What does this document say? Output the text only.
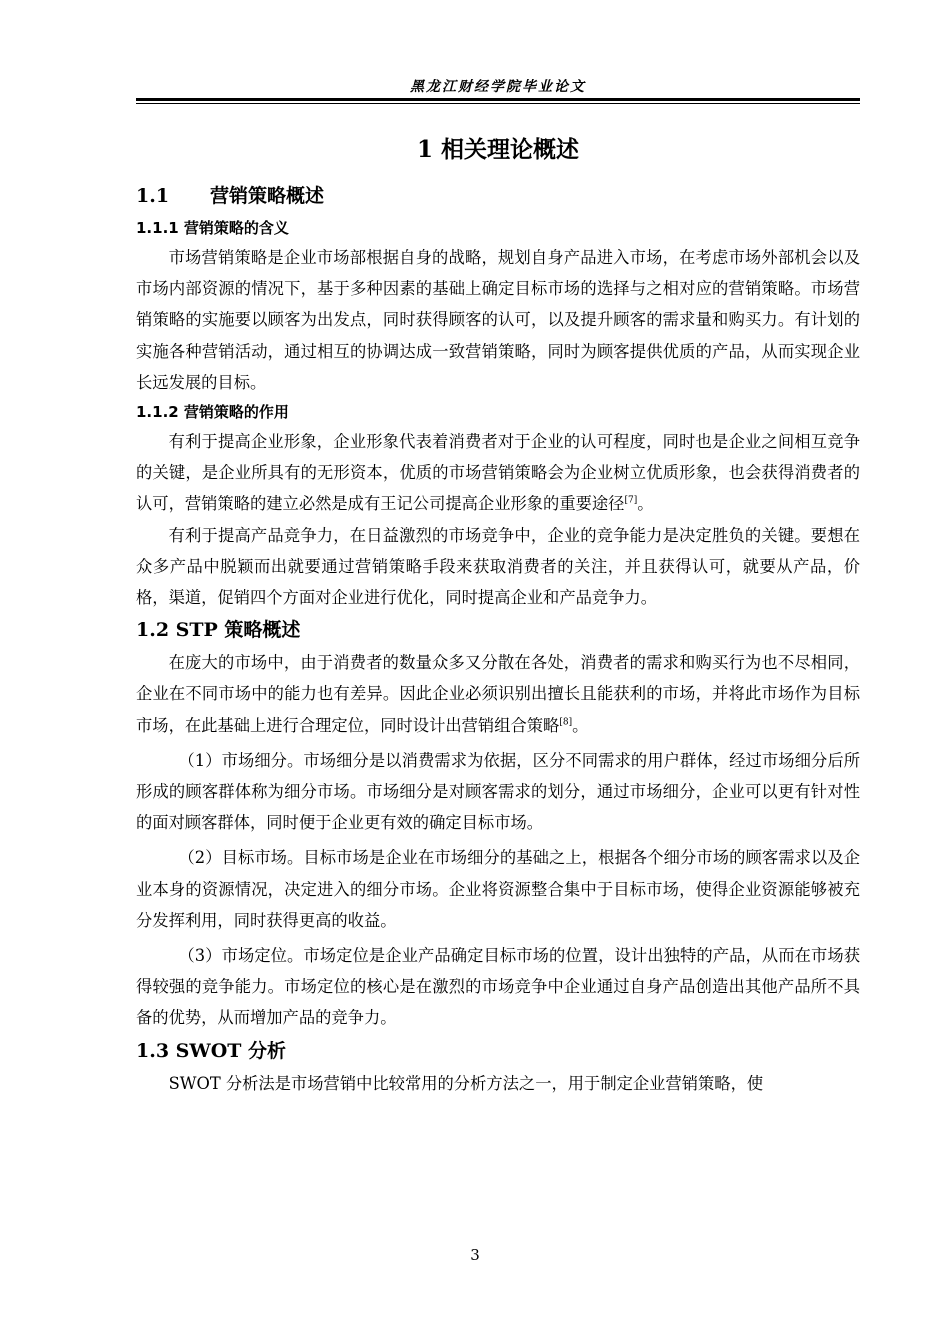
黑龙江财经学院毕业论文
1 相关理论概述
1.1 营销策略概述
1.1.1 营销策略的含义

市场营销策略是企业市场部根据自身的战略，规划自身产品进入市场，在考虑市场外部机会以及市场内部资源的情况下，基于多种因素的基础上确定目标市场的选择与之相对应的营销策略。市场营销策略的实施要以顾客为出发点，同时获得顾客的认可，以及提升顾客的需求量和购买力。有计划的实施各种营销活动，通过相互的协调达成一致营销策略，同时为顾客提供优质的产品，从而实现企业长远发展的目标。

1.1.2 营销策略的作用

有利于提高企业形象，企业形象代表着消费者对于企业的认可程度，同时也是企业之间相互竞争的关键，是企业所具有的无形资本，优质的市场营销策略会为企业树立优质形象，也会获得消费者的认可，营销策略的建立必然是成有王记公司提高企业形象的重要途径[7]。

有利于提高产品竞争力，在日益激烈的市场竞争中，企业的竞争能力是决定胜负的关键。要想在众多产品中脱颖而出就要通过营销策略手段来获取消费者的关注，并且获得认可，就要从产品，价格，渠道，促销四个方面对企业进行优化，同时提高企业和产品竞争力。

1.2 STP 策略概述

在庞大的市场中，由于消费者的数量众多又分散在各处，消费者的需求和购买行为也不尽相同，企业在不同市场中的能力也有差异。因此企业必须识别出擅长且能获利的市场，并将此市场作为目标市场，在此基础上进行合理定位，同时设计出营销组合策略[8]。

（1）市场细分。市场细分是以消费需求为依据，区分不同需求的用户群体，经过市场细分后所形成的顾客群体称为细分市场。市场细分是对顾客需求的划分，通过市场细分，企业可以更有针对性的面对顾客群体，同时便于企业更有效的确定目标市场。

（2）目标市场。目标市场是企业在市场细分的基础之上，根据各个细分市场的顾客需求以及企业本身的资源情况，决定进入的细分市场。企业将资源整合集中于目标市场，使得企业资源能够被充分发挥利用，同时获得更高的收益。

（3）市场定位。市场定位是企业产品确定目标市场的位置，设计出独特的产品，从而在市场获得较强的竞争能力。市场定位的核心是在激烈的市场竞争中企业通过自身产品创造出其他产品所不具备的优势，从而增加产品的竞争力。

1.3 SWOT 分析

SWOT 分析法是市场营销中比较常用的分析方法之一，用于制定企业营销策略，使

3
